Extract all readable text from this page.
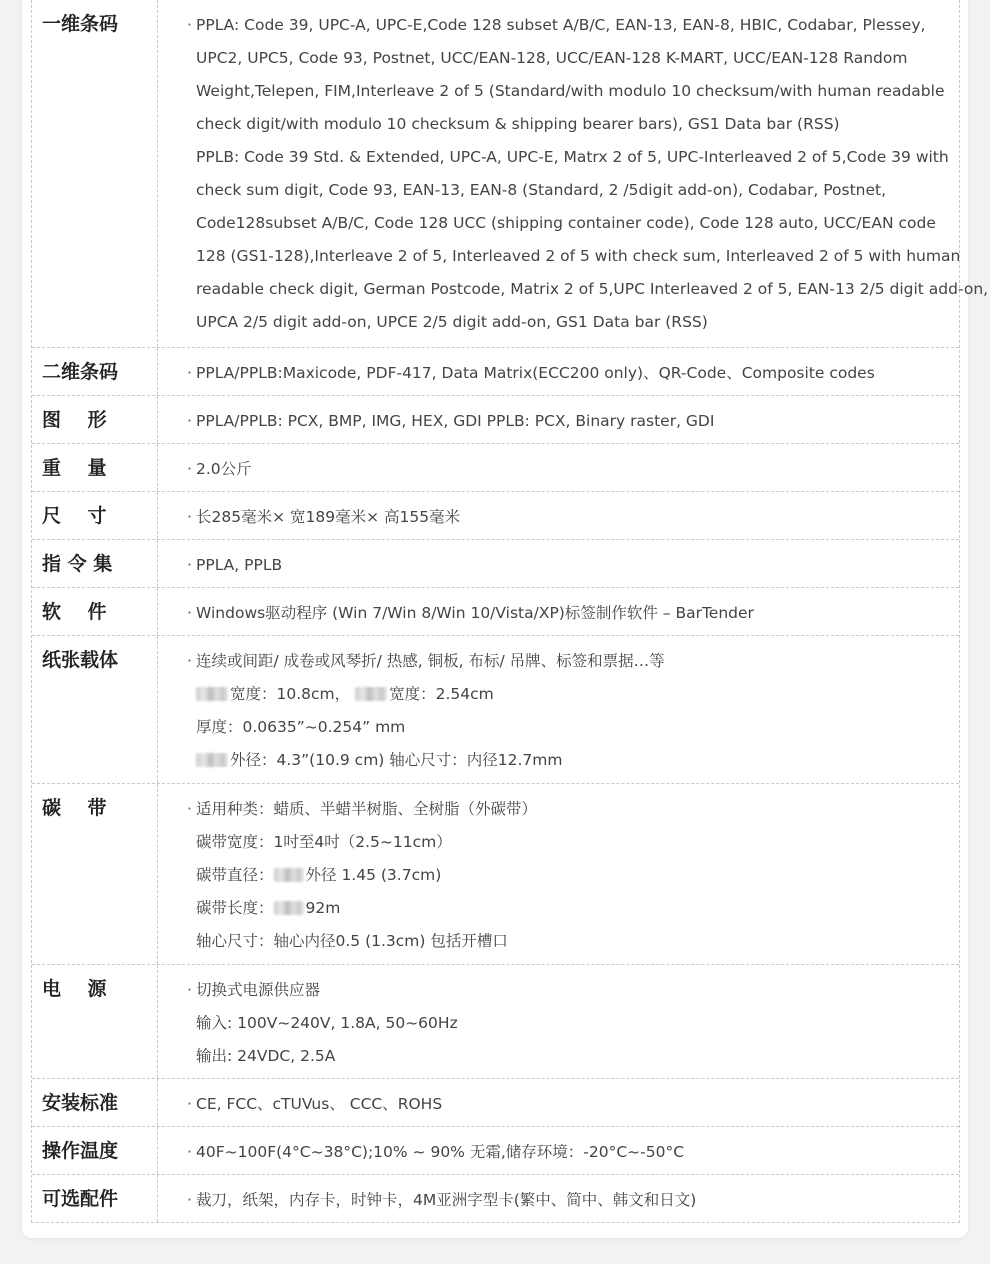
一维条码	· PPLA: Code 39, UPC-A, UPC-E,Code 128 subset A/B/C, EAN-13, EAN-8, HBIC, Codabar, Plessey,
UPC2, UPC5, Code 93, Postnet, UCC/EAN-128, UCC/EAN-128 K-MART, UCC/EAN-128 Random
Weight,Telepen, FIM,Interleave 2 of 5 (Standard/with modulo 10 checksum/with human readable
check digit/with modulo 10 checksum & shipping bearer bars), GS1 Data bar (RSS)
PPLB: Code 39 Std. & Extended, UPC-A, UPC-E, Matrx 2 of 5, UPC-Interleaved 2 of 5,Code 39 with
check sum digit, Code 93, EAN-13, EAN-8 (Standard, 2 /5digit add-on), Codabar, Postnet,
Code128subset A/B/C, Code 128 UCC (shipping container code), Code 128 auto, UCC/EAN code
128 (GS1-128),Interleave 2 of 5, Interleaved 2 of 5 with check sum, Interleaved 2 of 5 with human
readable check digit, German Postcode, Matrix 2 of 5,UPC Interleaved 2 of 5, EAN-13 2/5 digit add-on,
UPCA 2/5 digit add-on, UPCE 2/5 digit add-on, GS1 Data bar (RSS)
二维条码	· PPLA/PPLB:Maxicode, PDF-417, Data Matrix(ECC200 only)、QR-Code、Composite codes
图    形	· PPLA/PPLB: PCX, BMP, IMG, HEX, GDI PPLB: PCX, Binary raster, GDI
重    量	· 2.0公斤
尺    寸	· 长285毫米× 宽189毫米× 高155毫米
指 令 集	· PPLA, PPLB
软    件	· Windows驱动程序 (Win 7/Win 8/Win 10/Vista/XP)标签制作软件 – BarTender
纸张载体	· 连续或间距/ 成卷或风琴折/ 热感, 铜板, 布标/ 吊牌、标签和票据…等
宽度：10.8cm，	宽度：2.54cm
厚度：0.0635”~0.254” mm
外径：4.3”(10.9 cm) 轴心尺寸：内径12.7mm
碳    带	· 适用种类：蜡质、半蜡半树脂、全树脂（外碳带）
碳带宽度：1吋至4吋（2.5~11cm）
碳带直径： 外径 1.45 (3.7cm)
碳带长度： 92m
轴心尺寸：轴心内径0.5 (1.3cm) 包括开槽口
电    源	· 切换式电源供应器
输入: 100V~240V, 1.8A, 50~60Hz
输出: 24VDC, 2.5A
安装标准	· CE, FCC、cTUVus、 CCC、ROHS
操作温度	· 40F~100F(4°C~38°C);10% ~ 90% 无霜,储存环境：-20°C~-50°C
可选配件	· 裁刀，纸架，内存卡，时钟卡，4M亚洲字型卡(繁中、简中、韩文和日文)
